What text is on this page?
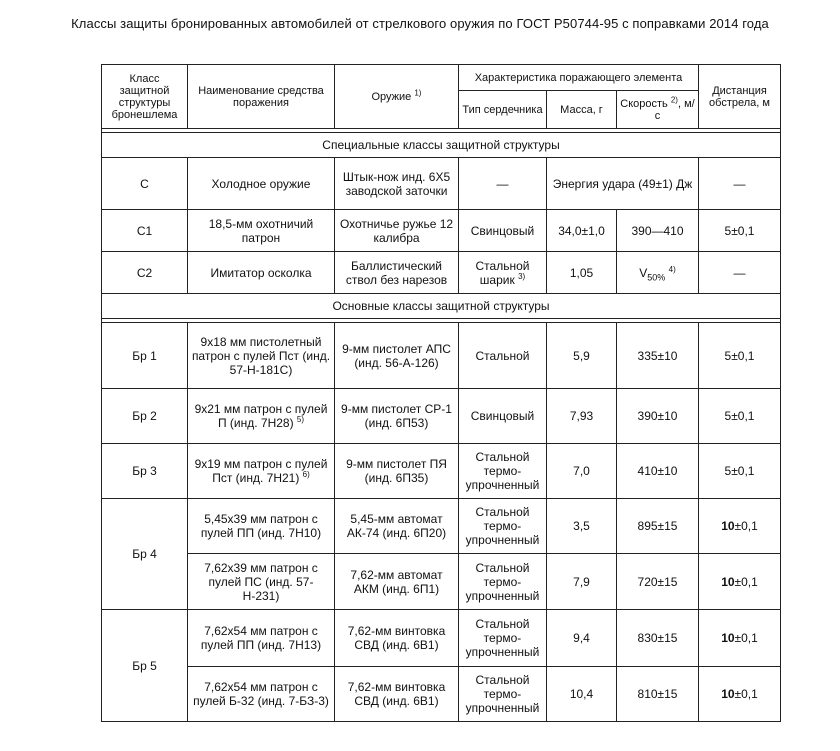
Классы защиты бронированных автомобилей от стрелкового оружия по ГОСТ Р50744-95 с поправками 2014 года
Класс защитной структуры бронешлема	Наименование средства поражения	Оружие $^{1)}$	Характеристика поражающего элемента			Дистанция обстрела, м
			Тип сердечника	Масса, г	Скорость $^{2)}$, м/с	

Специальные классы защитной структуры						
С	Холодное оружие	Штык-нож инд. 6Х5 заводской заточки	—	Энергия удара (49±1) Дж		—
С1	18,5-мм охотничий патрон	Охотничье ружье 12 калибра	Свинцовый	34,0±1,0	390—410	5±0,1
С2	Имитатор осколка	Баллистический ствол без нарезов	Стальной шарик $^{3)}$	1,05	$V_{50\%}$ $^{4)}$	—
Основные классы защитной структуры						

Бр 1	9х18 мм пистолетный патрон с пулей Пст (инд. 57-Н-181С)	9-мм пистолет АПС (инд. 56-А-126)	Стальной	5,9	335±10	5±0,1
Бр 2	9х21 мм патрон с пулей П (инд. 7Н28) $^{5)}$	9-мм пистолет СР-1 (инд. 6П53)	Свинцовый	7,93	390±10	5±0,1
Бр 3	9х19 мм патрон с пулей Пст (инд. 7Н21) $^{6)}$	9-мм пистолет ПЯ (инд. 6П35)	Стальной термо-упрочненный	7,0	410±10	5±0,1
Бр 4	5,45х39 мм патрон с пулей ПП (инд. 7Н10)	5,45-мм автомат АК-74 (инд. 6П20)	Стальной термо-упрочненный	3,5	895±15	10±0,1
	7,62х39 мм патрон с пулей ПС (инд. 57-Н-231)	7,62-мм автомат АКМ (инд. 6П1)	Стальной термо-упрочненный	7,9	720±15	10±0,1
Бр 5	7,62х54 мм патрон с пулей ПП (инд. 7Н13)	7,62-мм винтовка СВД (инд. 6В1)	Стальной термо-упрочненный	9,4	830±15	10±0,1
	7,62х54 мм патрон с пулей Б-32 (инд. 7-БЗ-3)	7,62-мм винтовка СВД (инд. 6В1)	Стальной термо-упрочненный	10,4	810±15	10±0,1
